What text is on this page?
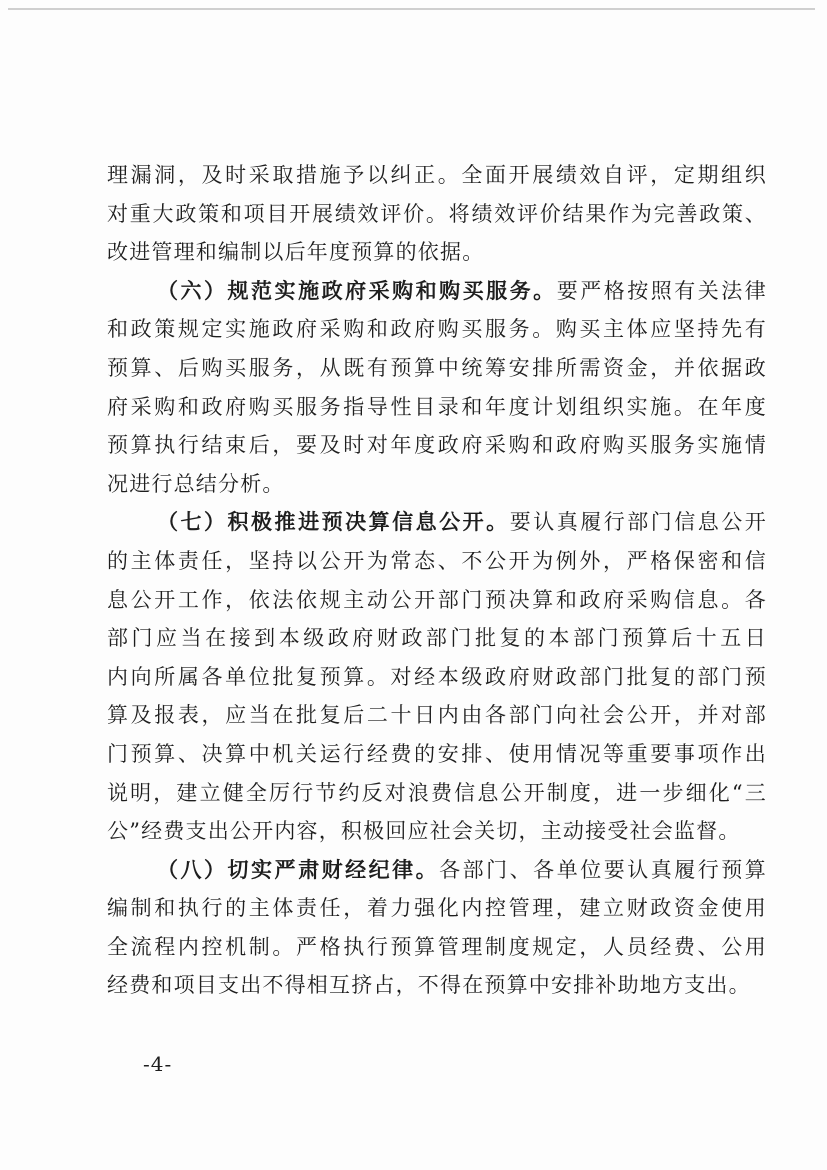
理漏洞，及时采取措施予以纠正。全面开展绩效自评，定期组织
对重大政策和项目开展绩效评价。将绩效评价结果作为完善政策、
改进管理和编制以后年度预算的依据。
（六）规范实施政府采购和购买服务。要严格按照有关法律
和政策规定实施政府采购和政府购买服务。购买主体应坚持先有
预算、后购买服务，从既有预算中统筹安排所需资金，并依据政
府采购和政府购买服务指导性目录和年度计划组织实施。在年度
预算执行结束后，要及时对年度政府采购和政府购买服务实施情
况进行总结分析。
（七）积极推进预决算信息公开。要认真履行部门信息公开
的主体责任，坚持以公开为常态、不公开为例外，严格保密和信
息公开工作，依法依规主动公开部门预决算和政府采购信息。各
部门应当在接到本级政府财政部门批复的本部门预算后十五日
内向所属各单位批复预算。对经本级政府财政部门批复的部门预
算及报表，应当在批复后二十日内由各部门向社会公开，并对部
门预算、决算中机关运行经费的安排、使用情况等重要事项作出
说明，建立健全厉行节约反对浪费信息公开制度，进一步细化“三
公”经费支出公开内容，积极回应社会关切，主动接受社会监督。
（八）切实严肃财经纪律。各部门、各单位要认真履行预算
编制和执行的主体责任，着力强化内控管理，建立财政资金使用
全流程内控机制。严格执行预算管理制度规定，人员经费、公用
经费和项目支出不得相互挤占，不得在预算中安排补助地方支出。
-4-
